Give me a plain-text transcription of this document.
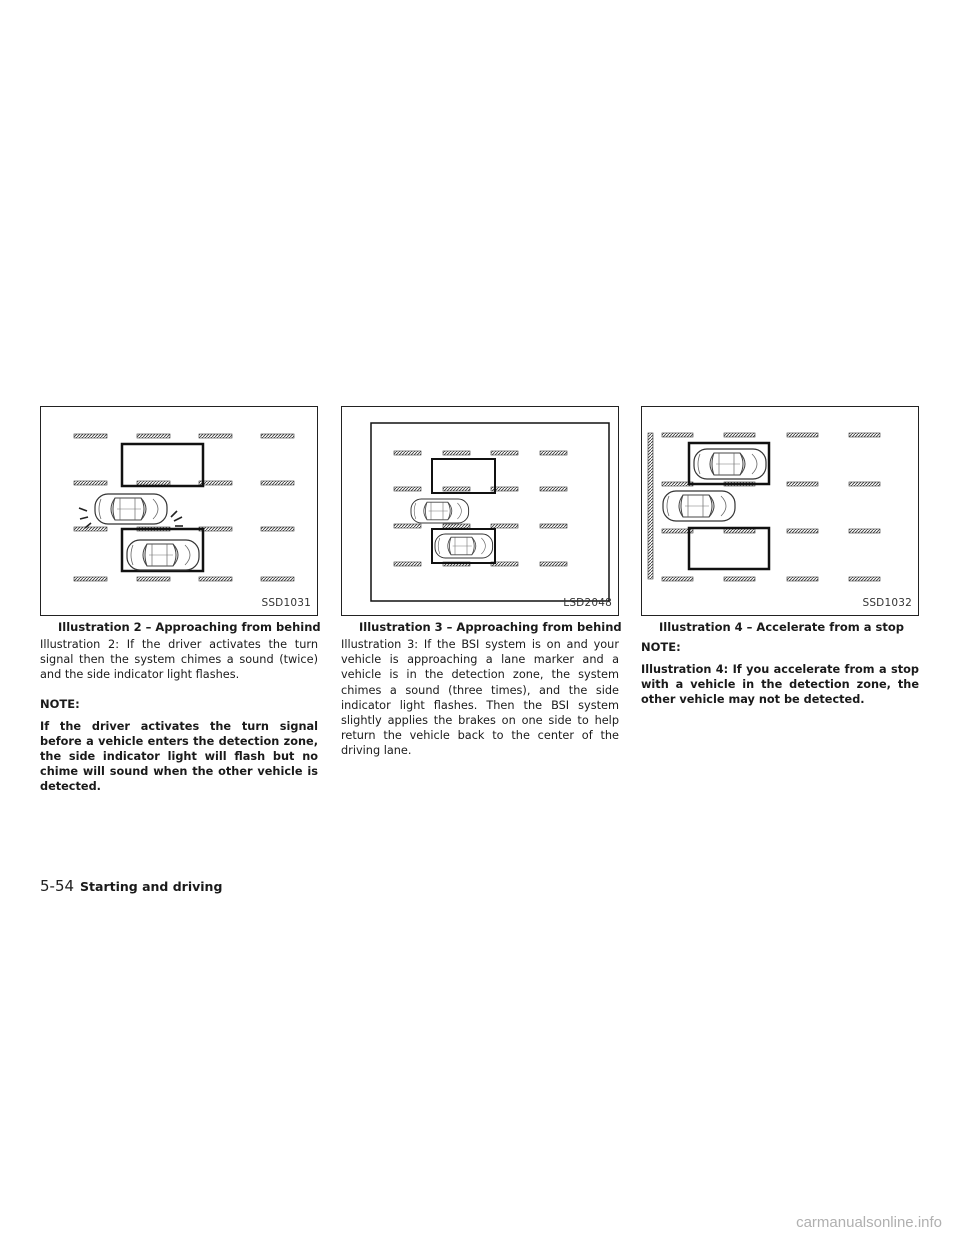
SSD1031
Illustration 2 – Approaching from behind

Illustration 2: If the driver activates the turn signal then the system chimes a sound (twice) and the side indicator light flashes.

NOTE:

If the driver activates the turn signal before a vehicle enters the detection zone, the side indicator light will flash but no chime will sound when the other vehicle is detected.

LSD2048
Illustration 3 – Approaching from behind

Illustration 3: If the BSI system is on and your vehicle is approaching a lane marker and a vehicle is in the detection zone, the system chimes a sound (three times), and the side indicator light flashes. Then the BSI system slightly applies the brakes on one side to help return the vehicle back to the center of the driving lane.

SSD1032
Illustration 4 – Accelerate from a stop
NOTE:

Illustration 4: If you accelerate from a stop with a vehicle in the detection zone, the other vehicle may not be detected.

5-54 Starting and driving
carmanualsonline.info
